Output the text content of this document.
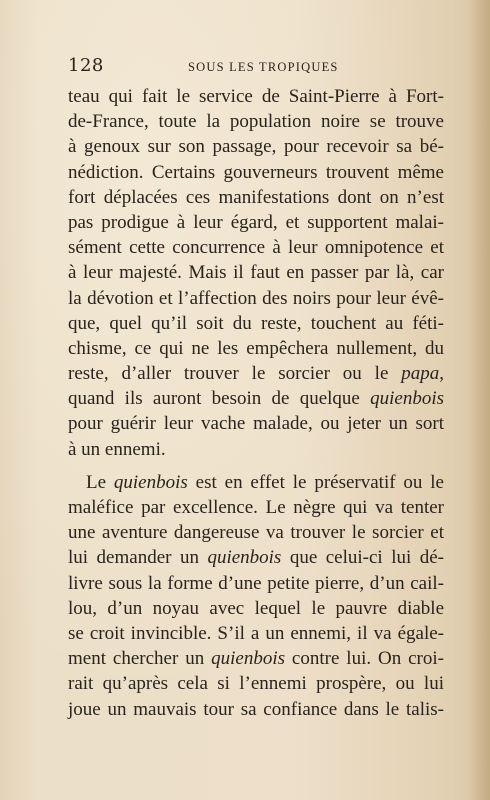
128	SOUS LES TROPIQUES
teau qui fait le service de Saint-Pierre à Fort-
de-France, toute la population noire se trouve
à genoux sur son passage, pour recevoir sa bé-
nédiction. Certains gouverneurs trouvent même
fort déplacées ces manifestations dont on n’est
pas prodigue à leur égard, et supportent malai-
sément cette concurrence à leur omnipotence et
à leur majesté. Mais il faut en passer par là, car
la dévotion et l’affection des noirs pour leur évê-
que, quel qu’il soit du reste, touchent au féti-
chisme, ce qui ne les empêchera nullement, du
reste, d’aller trouver le sorcier ou le papa,
quand ils auront besoin de quelque quienbois
pour guérir leur vache malade, ou jeter un sort
à un ennemi.
Le quienbois est en effet le préservatif ou le
maléfice par excellence. Le nègre qui va tenter
une aventure dangereuse va trouver le sorcier et
lui demander un quienbois que celui-ci lui dé-
livre sous la forme d’une petite pierre, d’un cail-
lou, d’un noyau avec lequel le pauvre diable
se croit invincible. S’il a un ennemi, il va égale-
ment chercher un quienbois contre lui. On croi-
rait qu’après cela si l’ennemi prospère, ou lui
joue un mauvais tour sa confiance dans le talis-
